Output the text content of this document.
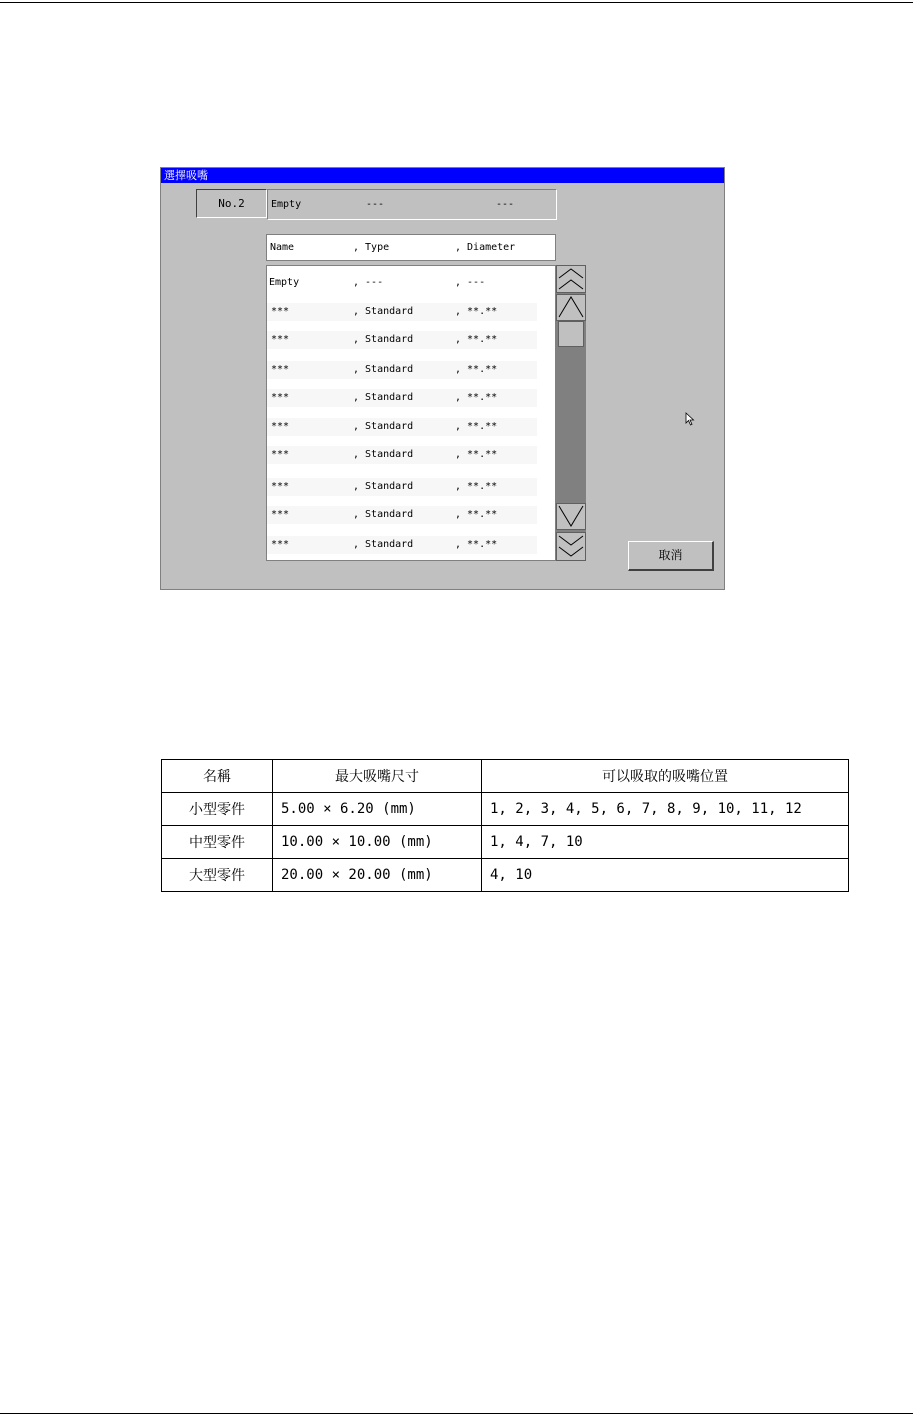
選擇吸嘴
No.2	Empty	---	---
Name	, Type	, Diameter
Empty	, ---	, ---
***	, Standard	, **.**
***	, Standard	, **.**
***	, Standard	, **.**
***	, Standard	, **.**
***	, Standard	, **.**
***	, Standard	, **.**
***	, Standard	, **.**
***	, Standard	, **.**
***	, Standard	, **.**
取消
名稱	最大吸嘴尺寸	可以吸取的吸嘴位置
小型零件	5.00 × 6.20 (mm)	1, 2, 3, 4, 5, 6, 7, 8, 9, 10, 11, 12
中型零件	10.00 × 10.00 (mm)	1, 4, 7, 10
大型零件	20.00 × 20.00 (mm)	4, 10
